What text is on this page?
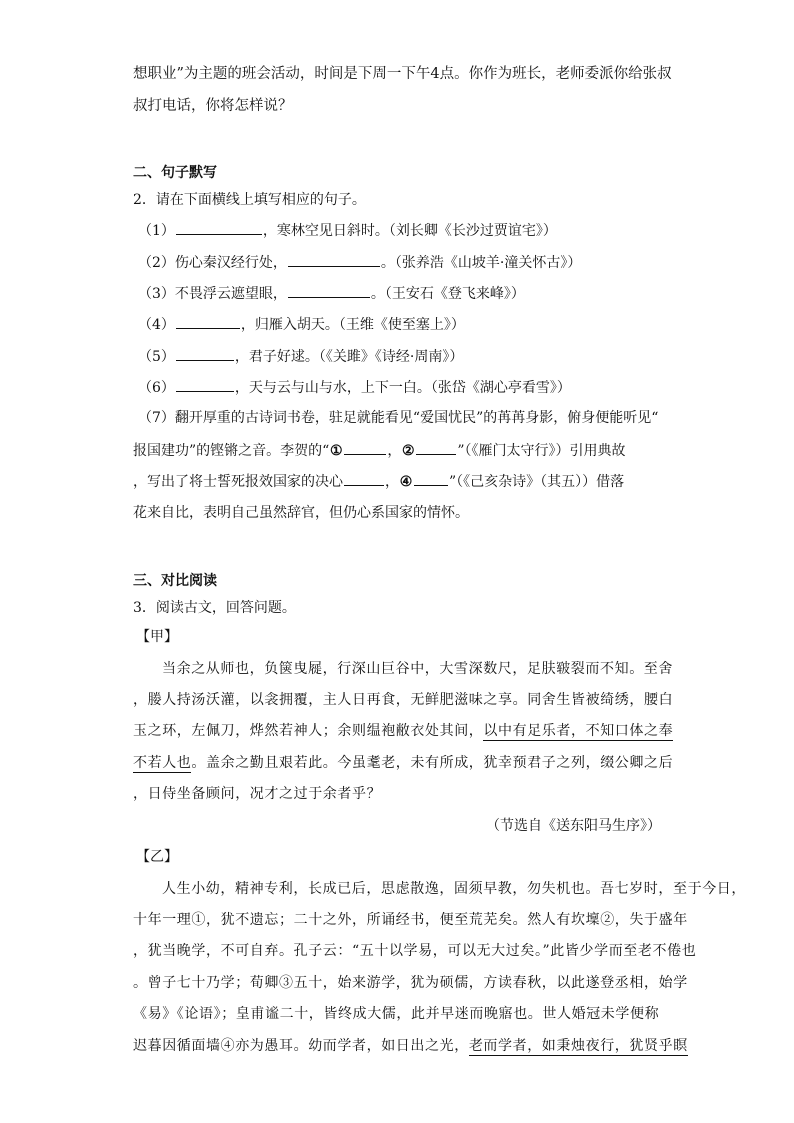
想职业”为主题的班会活动，时间是下周一下午4点。你作为班长，老师委派你给张叔
叔打电话，你将怎样说？
二、句子默写
2．请在下面横线上填写相应的句子。
（1）	，寒林空见日斜时。（刘长卿《长沙过贾谊宅》）
（2）伤心秦汉经行处，	。（张养浩《山坡羊·潼关怀古》）
（3）不畏浮云遮望眼，	。（王安石《登飞来峰》）
（4）	，归雁入胡天。（王维《使至塞上》）
（5）	，君子好逑。（《关雎》《诗经·周南》）
（6）	，天与云与山与水，上下一白。（张岱《湖心亭看雪》）
（7）翻开厚重的古诗词书卷，驻足就能看见“爱国忧民”的苒苒身影，俯身便能听见“
报国建功”的铿锵之音。李贺的“①	，②	”（《雁门太守行》）引用典故
，写出了将士誓死报效国家的决心	，④	”（《己亥杂诗》（其五））借落
花来自比，表明自己虽然辞官，但仍心系国家的情怀。
三、对比阅读
3．阅读古文，回答问题。
【甲】
当余之从师也，负箧曳屣，行深山巨谷中，大雪深数尺，足肤皲裂而不知。至舍
，媵人持汤沃灌，以衾拥覆，主人日再食，无鲜肥滋味之享。同舍生皆被绮绣，腰白
玉之环，左佩刀，烨然若神人；余则缊袍敝衣处其间，以中有足乐者，不知口体之奉
不若人也。盖余之勤且艰若此。今虽耄老，未有所成，犹幸预君子之列，缀公卿之后
，日侍坐备顾问，况才之过于余者乎？
（节选自《送东阳马生序》）
【乙】
人生小幼，精神专利，长成已后，思虑散逸，固须早教，勿失机也。吾七岁时，至于今日，
十年一理①，犹不遗忘；二十之外，所诵经书，便至荒芜矣。然人有坎壈②，失于盛年
，犹当晚学，不可自弃。孔子云：“五十以学易，可以无大过矣。”此皆少学而至老不倦也
。曾子七十乃学；荀卿③五十，始来游学，犹为硕儒，方读春秋，以此遂登丞相，始学
《易》《论语》；皇甫谧二十，皆终成大儒，此并早迷而晚寤也。世人婚冠未学便称
迟暮因循面墙④亦为愚耳。幼而学者，如日出之光，老而学者，如秉烛夜行，犹贤乎瞑
